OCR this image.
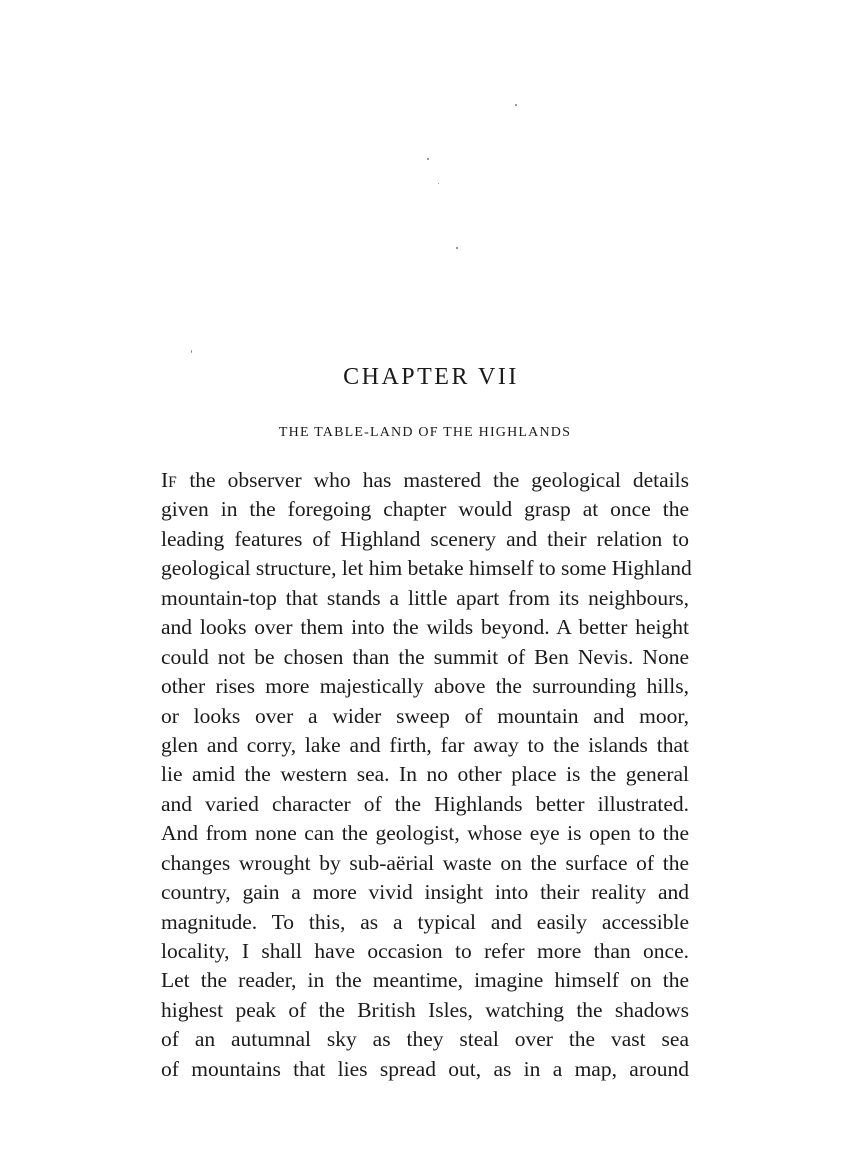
CHAPTER VII
THE TABLE-LAND OF THE HIGHLANDS
IF the observer who has mastered the geological details
given in the foregoing chapter would grasp at once the
leading features of Highland scenery and their relation to
geological structure, let him betake himself to some Highland
mountain-top that stands a little apart from its neighbours,
and looks over them into the wilds beyond. A better height
could not be chosen than the summit of Ben Nevis. None
other rises more majestically above the surrounding hills,
or looks over a wider sweep of mountain and moor,
glen and corry, lake and firth, far away to the islands that
lie amid the western sea. In no other place is the general
and varied character of the Highlands better illustrated.
And from none can the geologist, whose eye is open to the
changes wrought by sub-aërial waste on the surface of the
country, gain a more vivid insight into their reality and
magnitude. To this, as a typical and easily accessible
locality, I shall have occasion to refer more than once.
Let the reader, in the meantime, imagine himself on the
highest peak of the British Isles, watching the shadows
of an autumnal sky as they steal over the vast sea
of mountains that lies spread out, as in a map, around
